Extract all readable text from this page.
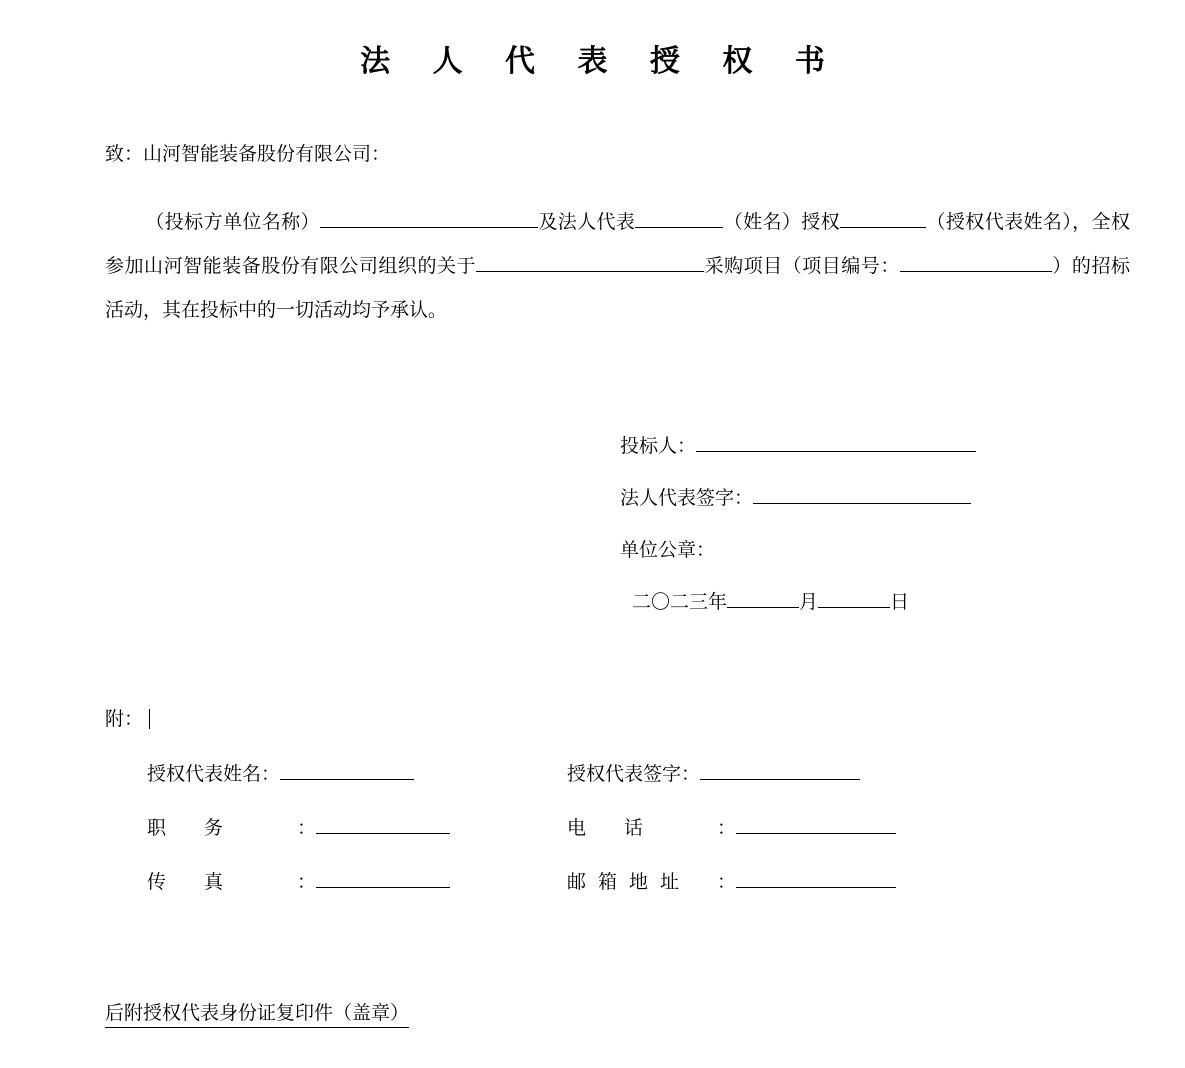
法 人 代 表 授 权 书
致：山河智能装备股份有限公司：
（投标方单位名称）	及法人代表	（姓名）授权	（授权代表姓名），全权参加山河智能装备股份有限公司组织的关于	采购项目（项目编号：	）的招标活动，其在投标中的一切活动均予承认。
投标人：
法人代表签字：
单位公章：
二〇二三年	月	日
附：
授权代表姓名：	授权代表签字：
职务 ：	电话 ：
传真 ：	邮箱地址 ：
后附授权代表身份证复印件（盖章）
